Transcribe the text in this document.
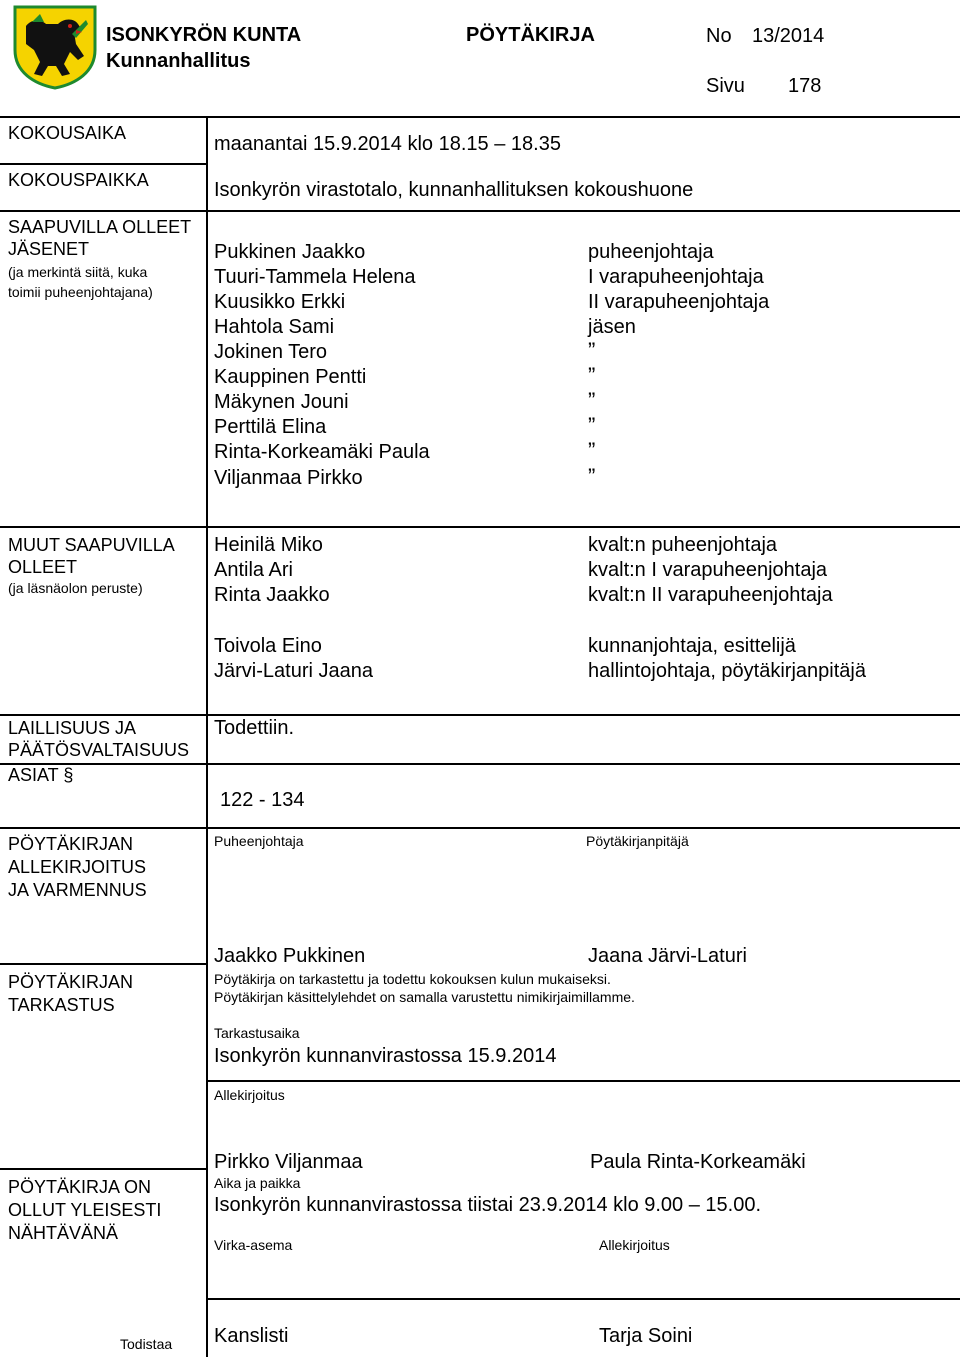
ISONKYRÖN KUNTA
Kunnanhallitus
PÖYTÄKIRJA	No 13/2014
Sivu 178
KOKOUSAIKA	maanantai 15.9.2014 klo 18.15 – 18.35
KOKOUSPAIKKA	Isonkyrön virastotalo, kunnanhallituksen kokoushuone
SAAPUVILLA OLLEET
JÄSENET
(ja merkintä siitä, kuka
toimii puheenjohtajana)
Pukkinen Jaakko	puheenjohtaja
Tuuri-Tammela Helena	I varapuheenjohtaja
Kuusikko Erkki	II varapuheenjohtaja
Hahtola Sami	jäsen
Jokinen Tero	”
Kauppinen Pentti	”
Mäkynen Jouni	”
Perttilä Elina	”
Rinta-Korkeamäki Paula	”
Viljanmaa Pirkko	”
MUUT SAAPUVILLA
OLLEET
(ja läsnäolon peruste)
Heinilä Miko	kvalt:n puheenjohtaja
Antila Ari	kvalt:n I varapuheenjohtaja
Rinta Jaakko	kvalt:n II varapuheenjohtaja
Toivola Eino	kunnanjohtaja, esittelijä
Järvi-Laturi Jaana	hallintojohtaja, pöytäkirjanpitäjä
LAILLISUUS JA
PÄÄTÖSVALTAISUUS
Todettiin.
ASIAT §
122 - 134
PÖYTÄKIRJAN
ALLEKIRJOITUS
JA VARMENNUS
Puheenjohtaja	Pöytäkirjanpitäjä
Jaakko Pukkinen	Jaana Järvi-Laturi
PÖYTÄKIRJAN
TARKASTUS
Pöytäkirja on tarkastettu ja todettu kokouksen kulun mukaiseksi.
Pöytäkirjan käsittelylehdet on samalla varustettu nimikirjaimillamme.
Tarkastusaika
Isonkyrön kunnanvirastossa 15.9.2014
Allekirjoitus
Pirkko Viljanmaa	Paula Rinta-Korkeamäki
PÖYTÄKIRJA ON
OLLUT YLEISESTI
NÄHTÄVÄNÄ
Aika ja paikka
Isonkyrön kunnanvirastossa tiistai 23.9.2014 klo 9.00 – 15.00.
Virka-asema	Allekirjoitus
Todistaa Kanslisti	Tarja Soini
